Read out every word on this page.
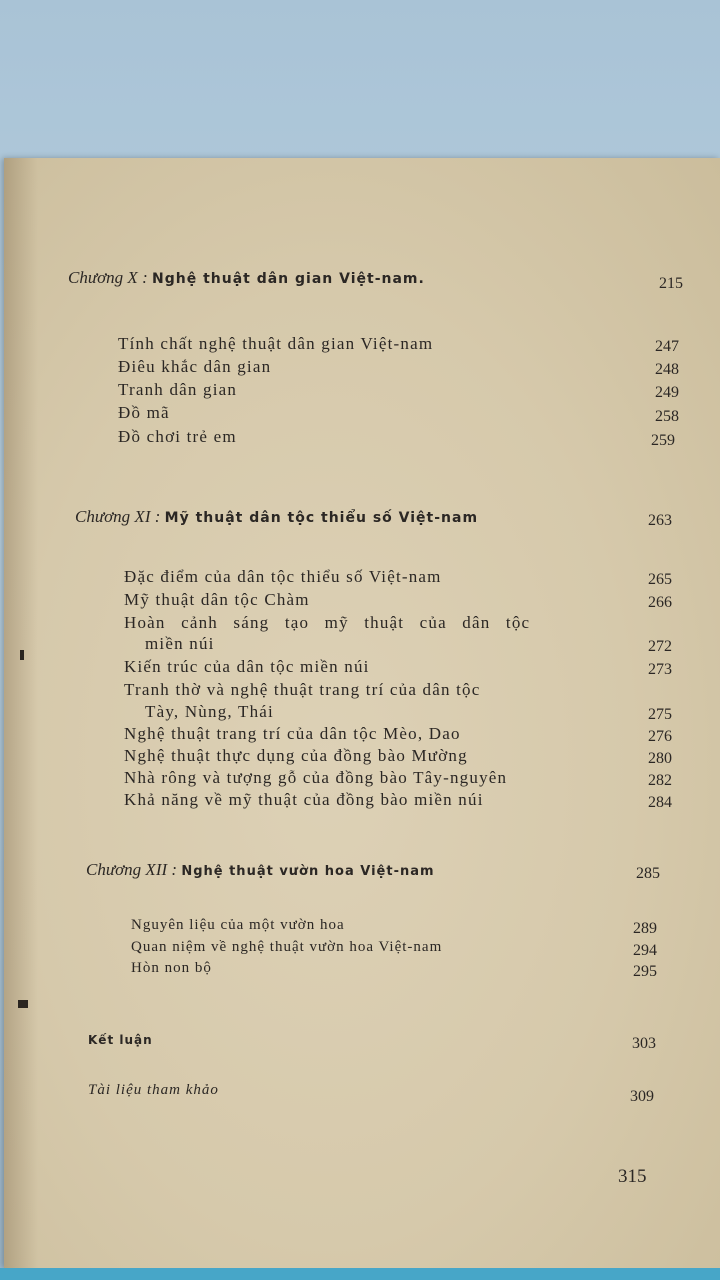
Chương X : Nghệ thuật dân gian Việt-nam.	215
Tính chất nghệ thuật dân gian Việt-nam	247
Điêu khắc dân gian	248
Tranh dân gian	249
Đồ mã	258
Đồ chơi trẻ em	259
Chương XI : Mỹ thuật dân tộc thiểu số Việt-nam	263
Đặc điểm của dân tộc thiểu số Việt-nam	265
Mỹ thuật dân tộc Chàm	266
Hoàn cảnh sáng tạo mỹ thuật của dân tộc
miền núi	272
Kiến trúc của dân tộc miền núi	273
Tranh thờ và nghệ thuật trang trí của dân tộc
Tày, Nùng, Thái	275
Nghệ thuật trang trí của dân tộc Mèo, Dao	276
Nghệ thuật thực dụng của đồng bào Mường	280
Nhà rông và tượng gỗ của đồng bào Tây-nguyên	282
Khả năng về mỹ thuật của đồng bào miền núi	284
Chương XII : Nghệ thuật vườn hoa Việt-nam	285
Nguyên liệu của một vườn hoa	289
Quan niệm về nghệ thuật vườn hoa Việt-nam	294
Hòn non bộ	295
Kết luận	303
Tài liệu tham khảo	309
315
